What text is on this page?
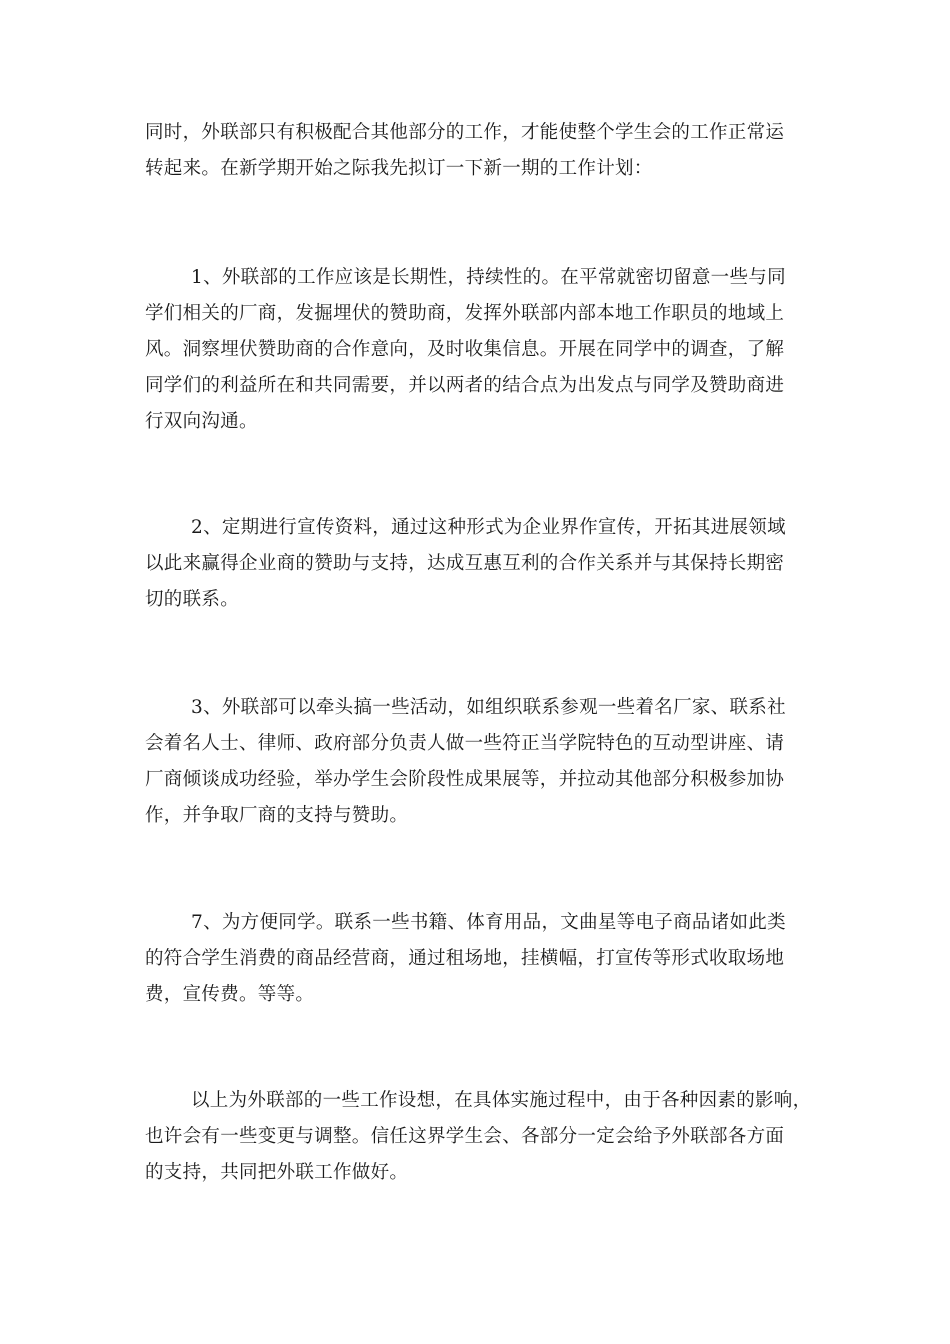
同时，外联部只有积极配合其他部分的工作，才能使整个学生会的工作正常运
转起来。在新学期开始之际我先拟订一下新一期的工作计划：

1、外联部的工作应该是长期性，持续性的。在平常就密切留意一些与同
学们相关的厂商，发掘埋伏的赞助商，发挥外联部内部本地工作职员的地域上
风。洞察埋伏赞助商的合作意向，及时收集信息。开展在同学中的调查，了解
同学们的利益所在和共同需要，并以两者的结合点为出发点与同学及赞助商进
行双向沟通。

2、定期进行宣传资料，通过这种形式为企业界作宣传，开拓其进展领域
以此来赢得企业商的赞助与支持，达成互惠互利的合作关系并与其保持长期密
切的联系。

3、外联部可以牵头搞一些活动，如组织联系参观一些着名厂家、联系社
会着名人士、律师、政府部分负责人做一些符正当学院特色的互动型讲座、请
厂商倾谈成功经验，举办学生会阶段性成果展等，并拉动其他部分积极参加协
作，并争取厂商的支持与赞助。

7、为方便同学。联系一些书籍、体育用品，文曲星等电子商品诸如此类
的符合学生消费的商品经营商，通过租场地，挂横幅，打宣传等形式收取场地
费，宣传费。等等。

以上为外联部的一些工作设想，在具体实施过程中，由于各种因素的影响，
也许会有一些变更与调整。信任这界学生会、各部分一定会给予外联部各方面
的支持，共同把外联工作做好。
